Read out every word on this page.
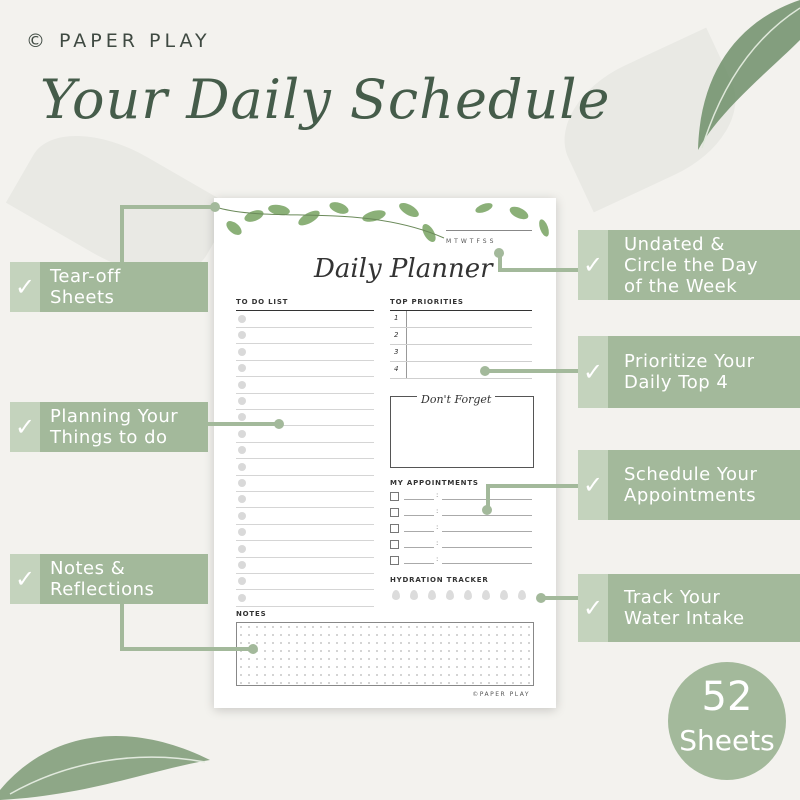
© PAPER PLAY
Your Daily Schedule
MTWTFSS
Daily Planner
TO DO LIST	TOP PRIORITIES
1
2
3
4
Don't Forget
MY APPOINTMENTS
:
:
:
:
:
HYDRATION TRACKER
NOTES
©PAPER PLAY
✓ Tear-off
Sheets
✓ Planning Your
Things to do
✓ Notes &
Reflections
✓
Undated &
Circle the Day
of the Week
✓	Prioritize Your
Daily Top 4
✓	Schedule Your
Appointments
✓	Track Your
Water Intake
52
Sheets
